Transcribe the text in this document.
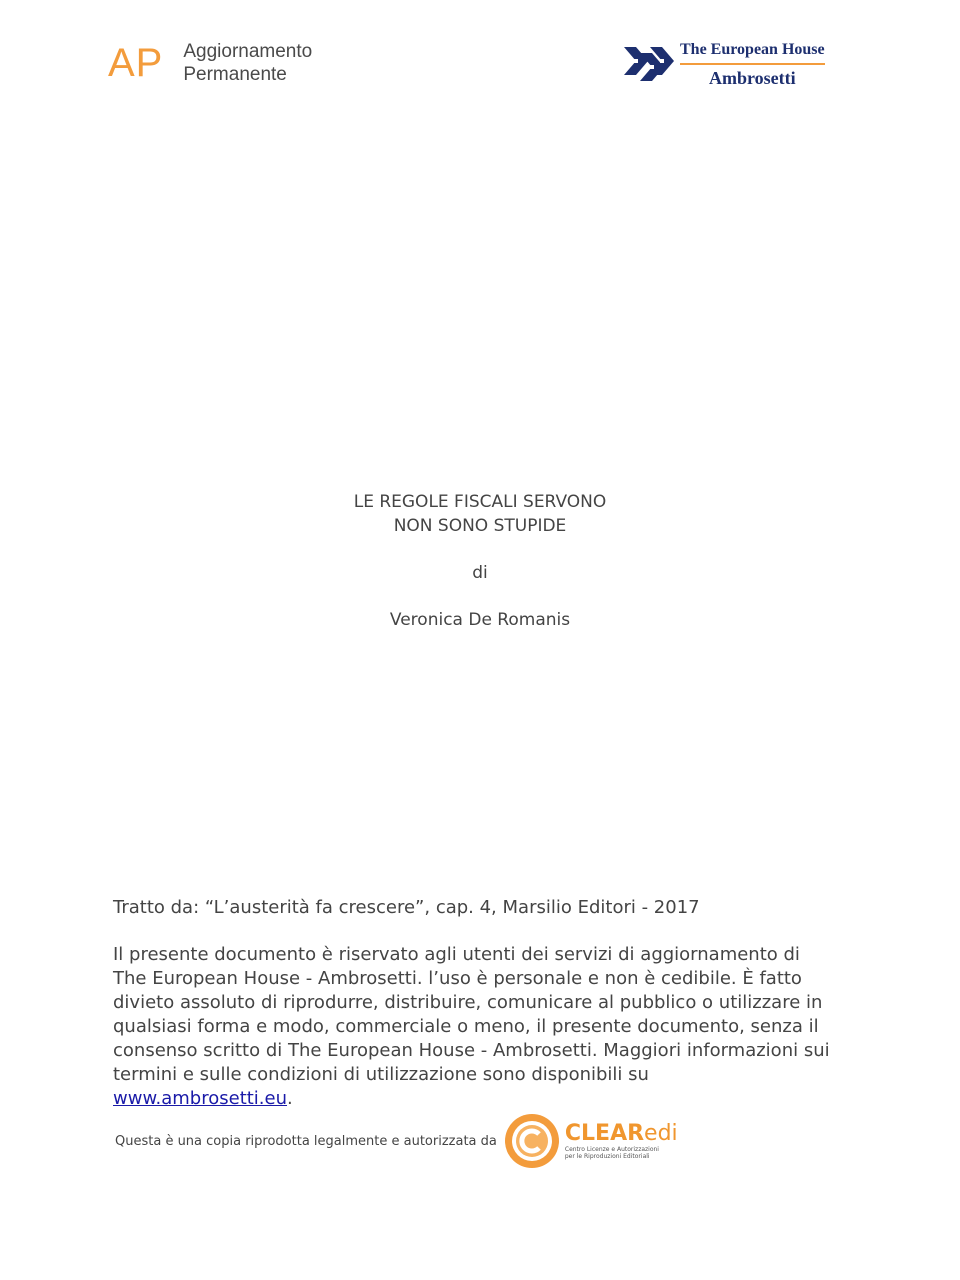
AP Aggiornamento
Permanente
The European House
Ambrosetti
LE REGOLE FISCALI SERVONO
NON SONO STUPIDE
di
Veronica De Romanis
Tratto da: “L’austerità fa crescere”, cap. 4, Marsilio Editori - 2017
Il presente documento è riservato agli utenti dei servizi di aggiornamento di The European House - Ambrosetti. l’uso è personale e non è cedibile. È fatto divieto assoluto di riprodurre, distribuire, comunicare al pubblico o utilizzare in qualsiasi forma e modo, commerciale o meno, il presente documento, senza il consenso scritto di The European House - Ambrosetti. Maggiori informazioni sui termini e sulle condizioni di utilizzazione sono disponibili su www.ambrosetti.eu.
Questa è una copia riprodotta legalmente e autorizzata da	CLEARedi
Centro Licenze e Autorizzazioni
per le Riproduzioni Editoriali
